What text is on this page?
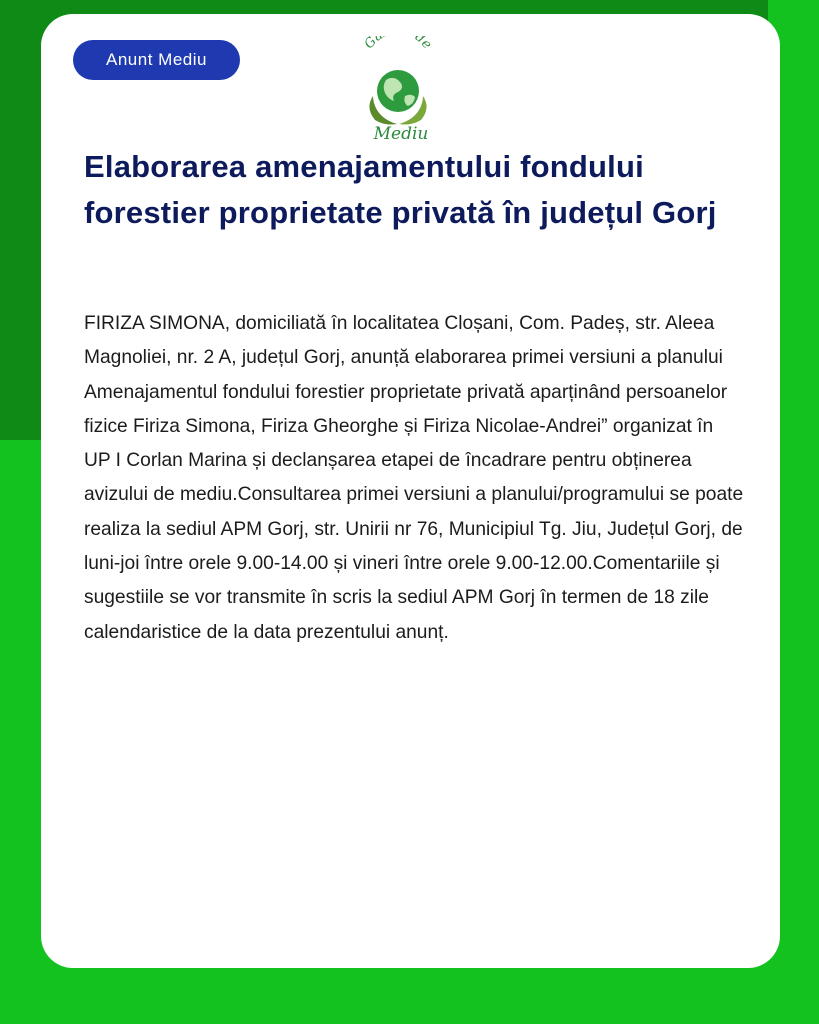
Anunt Mediu
Ga de
Mediu
Elaborarea amenajamentului fondului forestier proprietate privată în județul Gorj

FIRIZA SIMONA, domiciliată în localitatea Cloșani, Com. Padeș, str. Aleea Magnoliei, nr. 2 A, județul Gorj, anunță elaborarea primei versiuni a planului Amenajamentul fondului forestier proprietate privată aparținând persoanelor fizice Firiza Simona, Firiza Gheorghe și Firiza Nicolae-Andrei” organizat în UP I Corlan Marina și declanșarea etapei de încadrare pentru obținerea avizului de mediu.Consultarea primei versiuni a planului/programului se poate realiza la sediul APM Gorj, str. Unirii nr 76, Municipiul Tg. Jiu, Județul Gorj, de luni-joi între orele 9.00-14.00 și vineri între orele 9.00-12.00.Comentariile și sugestiile se vor transmite în scris la sediul APM Gorj în termen de 18 zile calendaristice de la data prezentului anunț.
